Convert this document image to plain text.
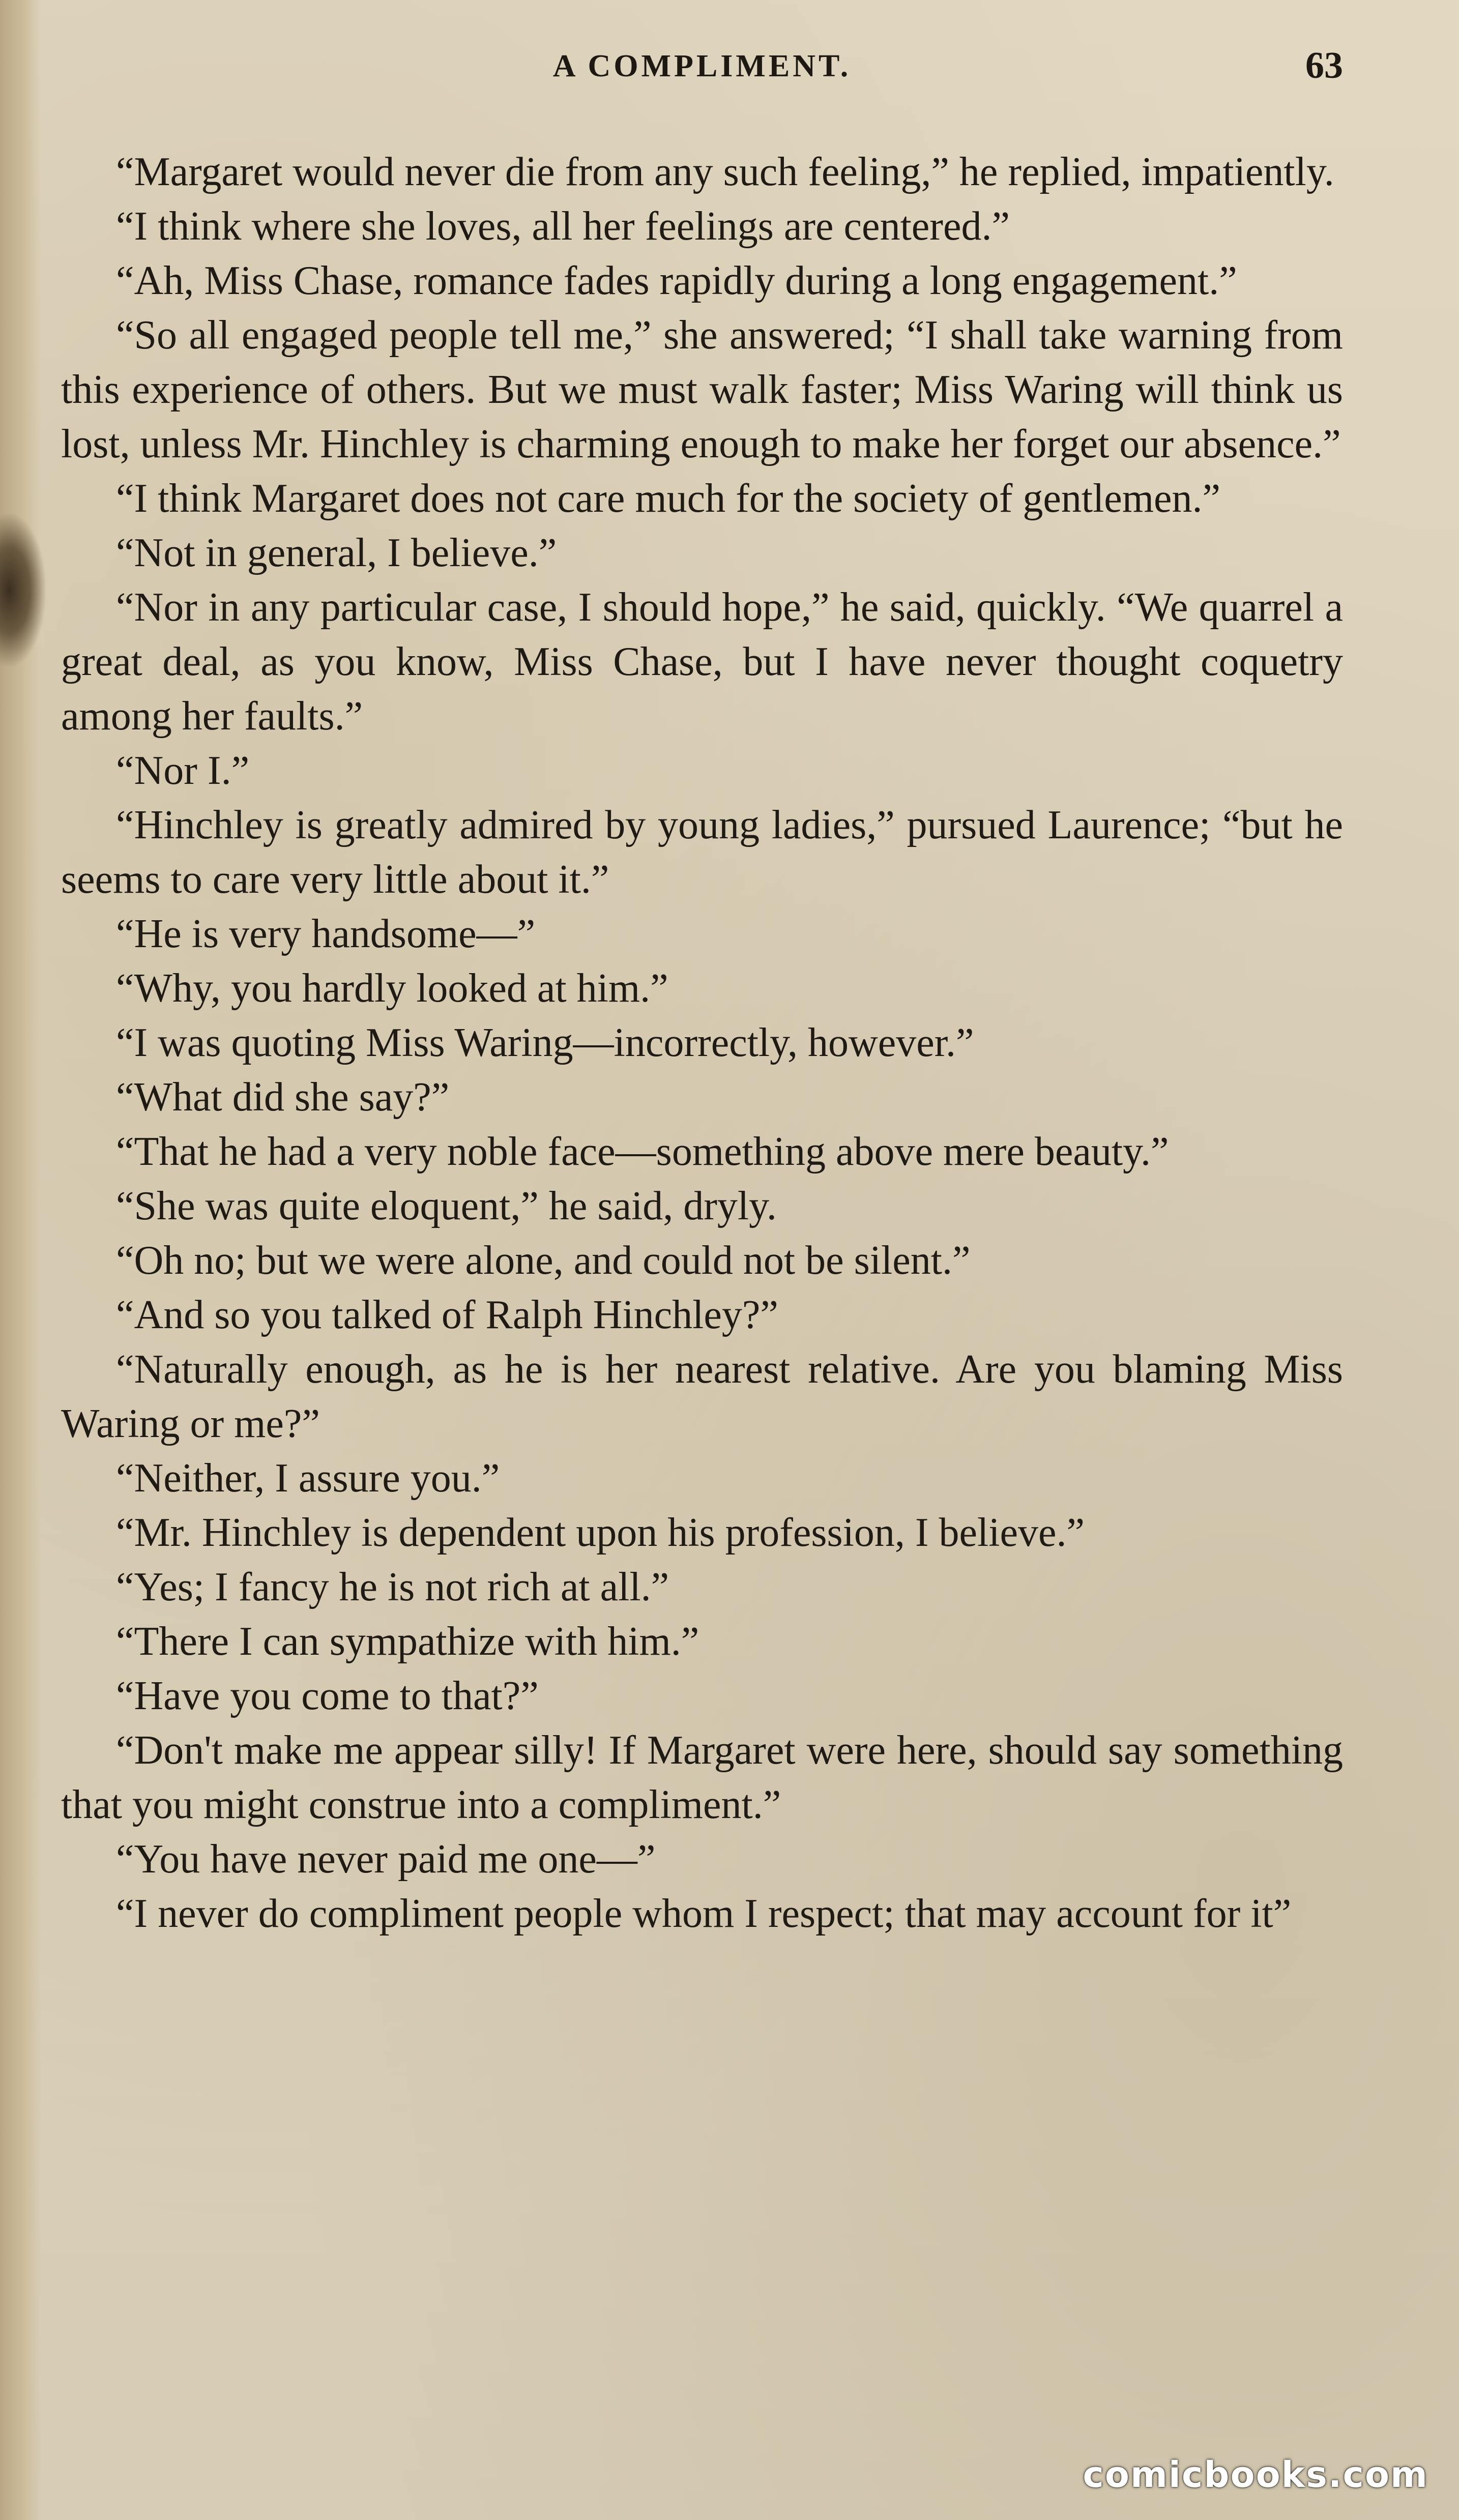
A COMPLIMENT.	63

“Margaret would never die from any such feeling,” he replied, impatiently.

“I think where she loves, all her feelings are centered.”

“Ah, Miss Chase, romance fades rapidly during a long engagement.”

“So all engaged people tell me,” she answered; “I shall take warning from this experience of others. But we must walk faster; Miss Waring will think us lost, unless Mr. Hinchley is charming enough to make her forget our absence.”

“I think Margaret does not care much for the society of gentlemen.”

“Not in general, I believe.”

“Nor in any particular case, I should hope,” he said, quickly. “We quarrel a great deal, as you know, Miss Chase, but I have never thought coquetry among her faults.”

“Nor I.”

“Hinchley is greatly admired by young ladies,” pursued Laurence; “but he seems to care very little about it.”

“He is very handsome—”

“Why, you hardly looked at him.”

“I was quoting Miss Waring—incorrectly, however.”

“What did she say?”

“That he had a very noble face—something above mere beauty.”

“She was quite eloquent,” he said, dryly.

“Oh no; but we were alone, and could not be silent.”

“And so you talked of Ralph Hinchley?”

“Naturally enough, as he is her nearest relative. Are you blaming Miss Waring or me?”

“Neither, I assure you.”

“Mr. Hinchley is dependent upon his profession, I believe.”

“Yes; I fancy he is not rich at all.”

“There I can sympathize with him.”

“Have you come to that?”

“Don't make me appear silly! If Margaret were here, should say something that you might construe into a compliment.”

“You have never paid me one—”

“I never do compliment people whom I respect; that may account for it”

comicbooks.com
